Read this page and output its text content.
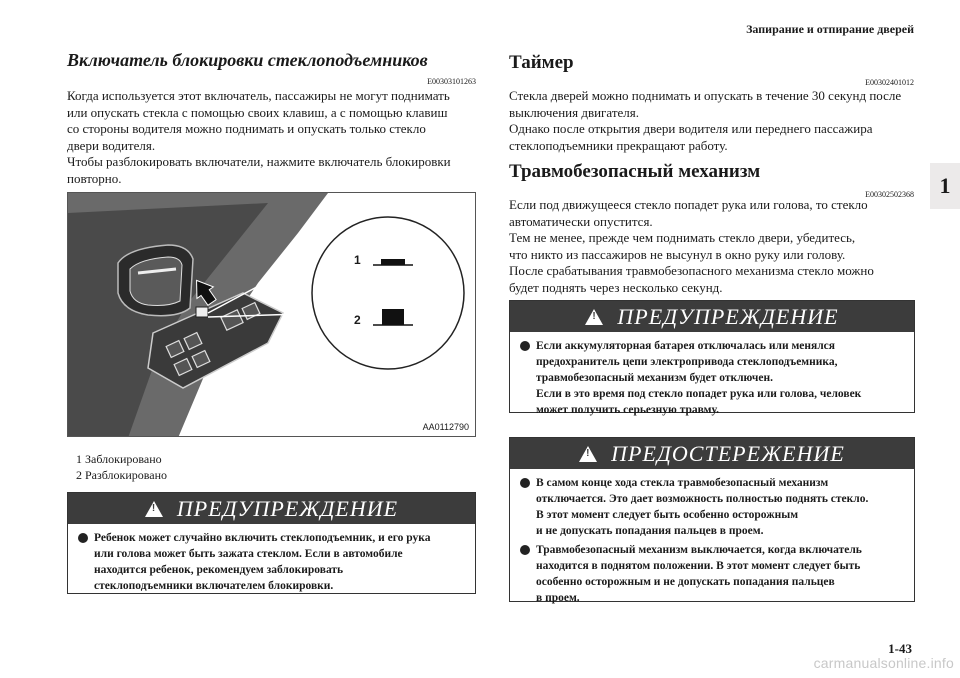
Запирание и отпирание дверей
1
1-43
carmanualsonline.info
Включатель блокировки стеклоподъемников
E00303101263
Когда используется этот включатель, пассажиры не могут поднимать
или опускать стекла с помощью своих клавиш, а с помощью клавиш
со стороны водителя можно поднимать и опускать только стекло
двери водителя.
Чтобы разблокировать включатели, нажмите включатель блокировки
повторно.
1
2
AA0112790
1 Заблокировано
2 Разблокировано
!
ПРЕДУПРЕЖДЕНИЕ
Ребенок может случайно включить стеклоподъемник, и его рука
или голова может быть зажата стеклом. Если в автомобиле
находится ребенок, рекомендуем заблокировать
стеклоподъемники включателем блокировки.
Таймер
E00302401012
Стекла дверей можно поднимать и опускать в течение 30 секунд после
выключения двигателя.
Однако после открытия двери водителя или переднего пассажира
стеклоподъемники прекращают работу.
Травмобезопасный механизм
E00302502368
Если под движущееся стекло попадет рука или голова, то стекло
автоматически опустится.
Тем не менее, прежде чем поднимать стекло двери, убедитесь,
что никто из пассажиров не высунул в окно руку или голову.
После срабатывания травмобезопасного механизма стекло можно
будет поднять через несколько секунд.
!
ПРЕДУПРЕЖДЕНИЕ
Если аккумуляторная батарея отключалась или менялся
предохранитель цепи электропривода стеклоподъемника,
травмобезопасный механизм будет отключен.
Если в это время под стекло попадет рука или голова, человек
может получить серьезную травму.
!
ПРЕДОСТЕРЕЖЕНИЕ
В самом конце хода стекла травмобезопасный механизм
отключается. Это дает возможность полностью поднять стекло.
В этот момент следует быть особенно осторожным
и не допускать попадания пальцев в проем.
Травмобезопасный механизм выключается, когда включатель
находится в поднятом положении. В этот момент следует быть
особенно осторожным и не допускать попадания пальцев
в проем.
